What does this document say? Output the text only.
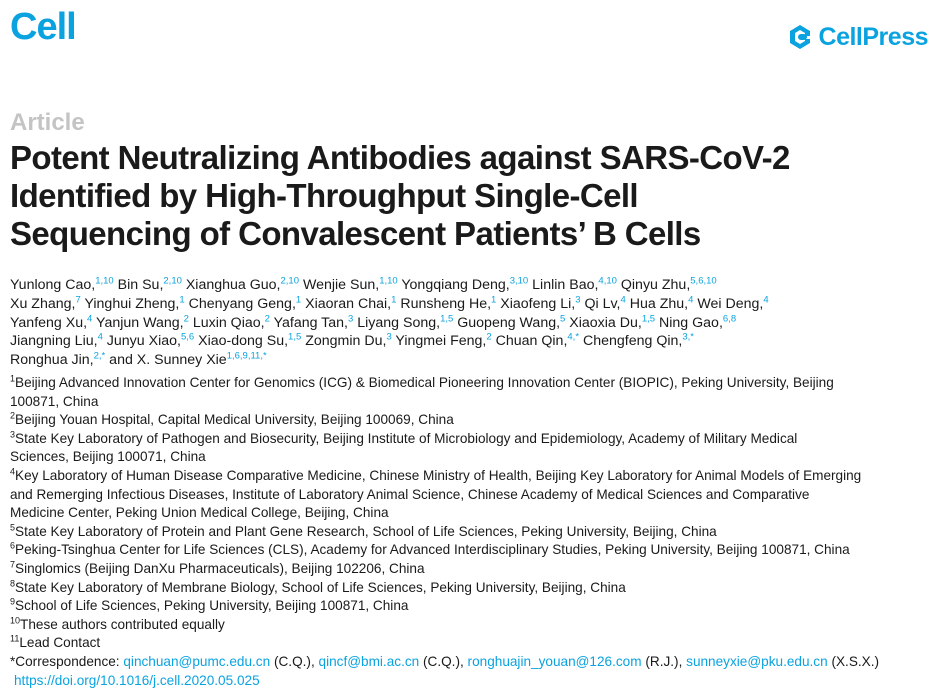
Cell	CellPress
Article
Potent Neutralizing Antibodies against SARS-CoV-2
Identified by High-Throughput Single-Cell
Sequencing of Convalescent Patients’ B Cells
Yunlong Cao,$^{1,10}$ Bin Su,$^{2,10}$ Xianghua Guo,$^{2,10}$ Wenjie Sun,$^{1,10}$ Yongqiang Deng,$^{3,10}$ Linlin Bao,$^{4,10}$ Qinyu Zhu,$^{5,6,10}$
Xu Zhang,$^7$ Yinghui Zheng,$^1$ Chenyang Geng,$^1$ Xiaoran Chai,$^1$ Runsheng He,$^1$ Xiaofeng Li,$^3$ Qi Lv,$^4$ Hua Zhu,$^4$ Wei Deng,$^4$
Yanfeng Xu,$^4$ Yanjun Wang,$^2$ Luxin Qiao,$^2$ Yafang Tan,$^3$ Liyang Song,$^{1,5}$ Guopeng Wang,$^5$ Xiaoxia Du,$^{1,5}$ Ning Gao,$^{6,8}$
Jiangning Liu,$^4$ Junyu Xiao,$^{5,6}$ Xiao-dong Su,$^{1,5}$ Zongmin Du,$^3$ Yingmei Feng,$^2$ Chuan Qin,$^{4,*}$ Chengfeng Qin,$^{3,*}$
Ronghua Jin,$^{2,*}$ and X. Sunney Xie$^{1,6,9,11,*}$
$^1$Beijing Advanced Innovation Center for Genomics (ICG) & Biomedical Pioneering Innovation Center (BIOPIC), Peking University, Beijing
100871, China
$^2$Beijing Youan Hospital, Capital Medical University, Beijing 100069, China
$^3$State Key Laboratory of Pathogen and Biosecurity, Beijing Institute of Microbiology and Epidemiology, Academy of Military Medical
Sciences, Beijing 100071, China
$^4$Key Laboratory of Human Disease Comparative Medicine, Chinese Ministry of Health, Beijing Key Laboratory for Animal Models of Emerging
and Remerging Infectious Diseases, Institute of Laboratory Animal Science, Chinese Academy of Medical Sciences and Comparative
Medicine Center, Peking Union Medical College, Beijing, China
$^5$State Key Laboratory of Protein and Plant Gene Research, School of Life Sciences, Peking University, Beijing, China
$^6$Peking-Tsinghua Center for Life Sciences (CLS), Academy for Advanced Interdisciplinary Studies, Peking University, Beijing 100871, China
$^7$Singlomics (Beijing DanXu Pharmaceuticals), Beijing 102206, China
$^8$State Key Laboratory of Membrane Biology, School of Life Sciences, Peking University, Beijing, China
$^9$School of Life Sciences, Peking University, Beijing 100871, China
$^{10}$These authors contributed equally
$^{11}$Lead Contact
*Correspondence: qinchuan@pumc.edu.cn (C.Q.), qincf@bmi.ac.cn (C.Q.), ronghuajin_youan@126.com (R.J.), sunneyxie@pku.edu.cn (X.S.X.)
https://doi.org/10.1016/j.cell.2020.05.025
